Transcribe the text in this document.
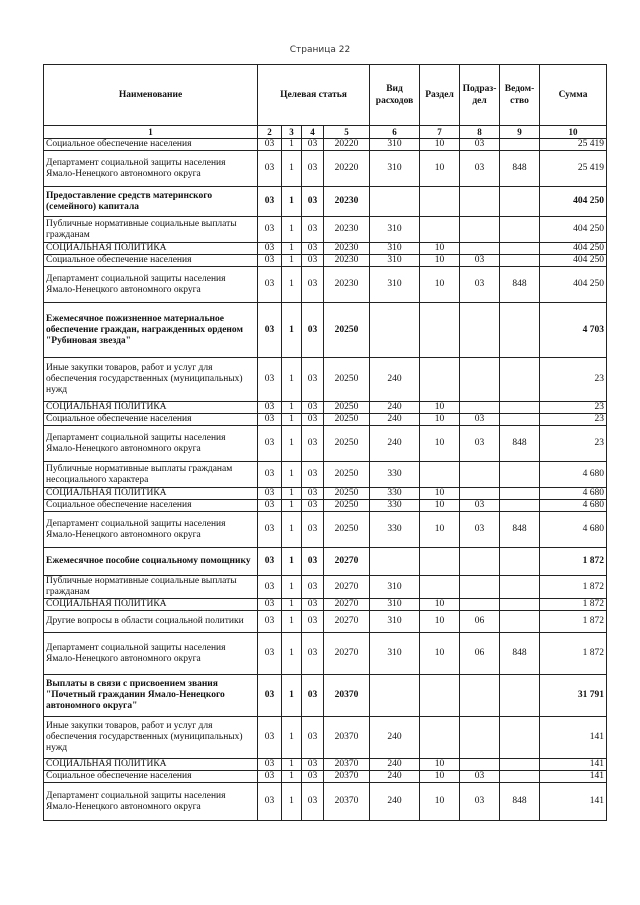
Страница 22
Наименование	Целевая статья				Вид расходов	Раздел	Подраз-дел	Ведом-ство	Сумма
1	2	3	4	5	6	7	8	9	10
Социальное обеспечение населения	03	1	03	20220	310	10	03		25 419
Департамент социальной защиты населения Ямало-Ненецкого автономного округа	03	1	03	20220	310	10	03	848	25 419
Предоставление средств материнского (семейного) капитала	03	1	03	20230					404 250
Публичные нормативные социальные выплаты гражданам	03	1	03	20230	310				404 250
СОЦИАЛЬНАЯ ПОЛИТИКА	03	1	03	20230	310	10			404 250
Социальное обеспечение населения	03	1	03	20230	310	10	03		404 250
Департамент социальной защиты населения Ямало-Ненецкого автономного округа	03	1	03	20230	310	10	03	848	404 250
Ежемесячное пожизненное материальное обеспечение граждан, награжденных орденом "Рубиновая звезда"	03	1	03	20250					4 703
Иные закупки товаров, работ и услуг для обеспечения государственных (муниципальных) нужд	03	1	03	20250	240				23
СОЦИАЛЬНАЯ ПОЛИТИКА	03	1	03	20250	240	10			23
Социальное обеспечение населения	03	1	03	20250	240	10	03		23
Департамент социальной защиты населения Ямало-Ненецкого автономного округа	03	1	03	20250	240	10	03	848	23
Публичные нормативные выплаты гражданам несоциального характера	03	1	03	20250	330				4 680
СОЦИАЛЬНАЯ ПОЛИТИКА	03	1	03	20250	330	10			4 680
Социальное обеспечение населения	03	1	03	20250	330	10	03		4 680
Департамент социальной защиты населения Ямало-Ненецкого автономного округа	03	1	03	20250	330	10	03	848	4 680
Ежемесячное пособие социальному помощнику	03	1	03	20270					1 872
Публичные нормативные социальные выплаты гражданам	03	1	03	20270	310				1 872
СОЦИАЛЬНАЯ ПОЛИТИКА	03	1	03	20270	310	10			1 872
Другие вопросы в области социальной политики	03	1	03	20270	310	10	06		1 872
Департамент социальной защиты населения Ямало-Ненецкого автономного округа	03	1	03	20270	310	10	06	848	1 872
Выплаты в связи с присвоением звания "Почетный гражданин Ямало-Ненецкого автономного округа"	03	1	03	20370					31 791
Иные закупки товаров, работ и услуг для обеспечения государственных (муниципальных) нужд	03	1	03	20370	240				141
СОЦИАЛЬНАЯ ПОЛИТИКА	03	1	03	20370	240	10			141
Социальное обеспечение населения	03	1	03	20370	240	10	03		141
Департамент социальной защиты населения Ямало-Ненецкого автономного округа	03	1	03	20370	240	10	03	848	141
